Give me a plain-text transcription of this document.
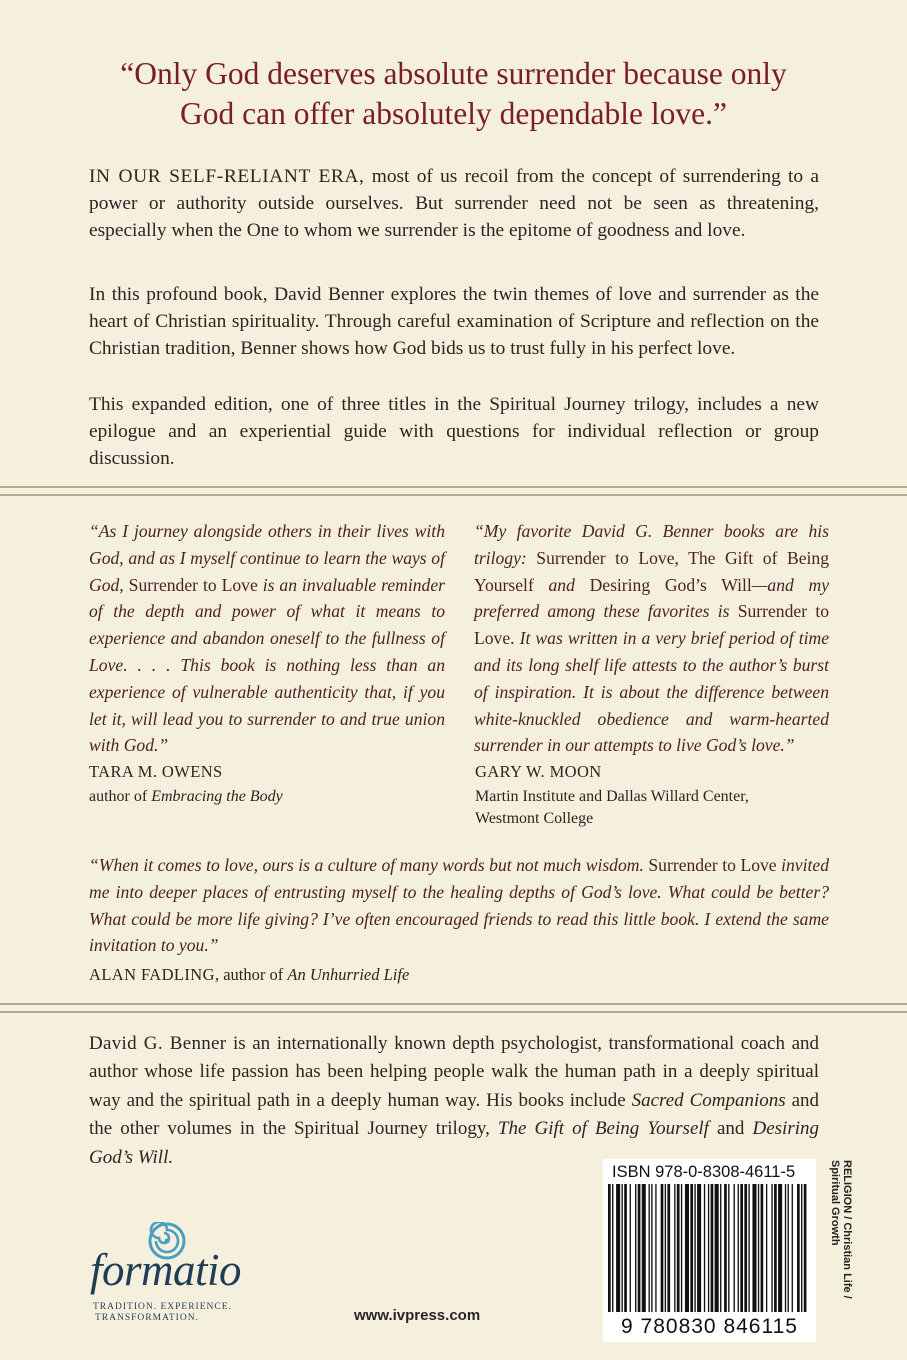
“Only God deserves absolute surrender because only
God can offer absolutely dependable love.”
IN OUR SELF-RELIANT ERA, most of us recoil from the concept of surrendering to a power or authority outside ourselves. But surrender need not be seen as threatening, especially when the One to whom we surrender is the epitome of goodness and love.
In this profound book, David Benner explores the twin themes of love and surrender as the heart of Christian spirituality. Through careful examination of Scripture and reflection on the Christian tradition, Benner shows how God bids us to trust fully in his perfect love.
This expanded edition, one of three titles in the Spiritual Journey trilogy, includes a new epilogue and an experiential guide with questions for individual reflection or group discussion.
“As I journey alongside others in their lives with God, and as I myself continue to learn the ways of God, Surrender to Love is an invaluable reminder of the depth and power of what it means to experience and abandon oneself to the fullness of Love. . . . This book is nothing less than an experience of vulnerable authenticity that, if you let it, will lead you to surrender to and true union with God.”
TARA M. OWENS
author of Embracing the Body
“My favorite David G. Benner books are his trilogy: Surrender to Love, The Gift of Being Yourself and Desiring God’s Will—and my preferred among these favorites is Surrender to Love. It was written in a very brief period of time and its long shelf life attests to the author’s burst of inspiration. It is about the difference between white-knuckled obedience and warm-hearted surrender in our attempts to live God’s love.”
GARY W. MOON
Martin Institute and Dallas Willard Center,
Westmont College
“When it comes to love, ours is a culture of many words but not much wisdom. Surrender to Love invited me into deeper places of entrusting myself to the healing depths of God’s love. What could be better? What could be more life giving? I’ve often encouraged friends to read this little book. I extend the same invitation to you.”
ALAN FADLING, author of An Unhurried Life
David G. Benner is an internationally known depth psychologist, transformational coach and author whose life passion has been helping people walk the human path in a deeply spiritual way and the spiritual path in a deeply human way. His books include Sacred Companions and the other volumes in the Spiritual Journey trilogy, The Gift of Being Yourself and Desiring God’s Will.
ISBN 978-0-8308-4611-5
9 780830 846115
RELIGION / Christian Life /
Spiritual Growth
formatio
TRADITION. EXPERIENCE.
TRANSFORMATION.	www.ivpress.com
